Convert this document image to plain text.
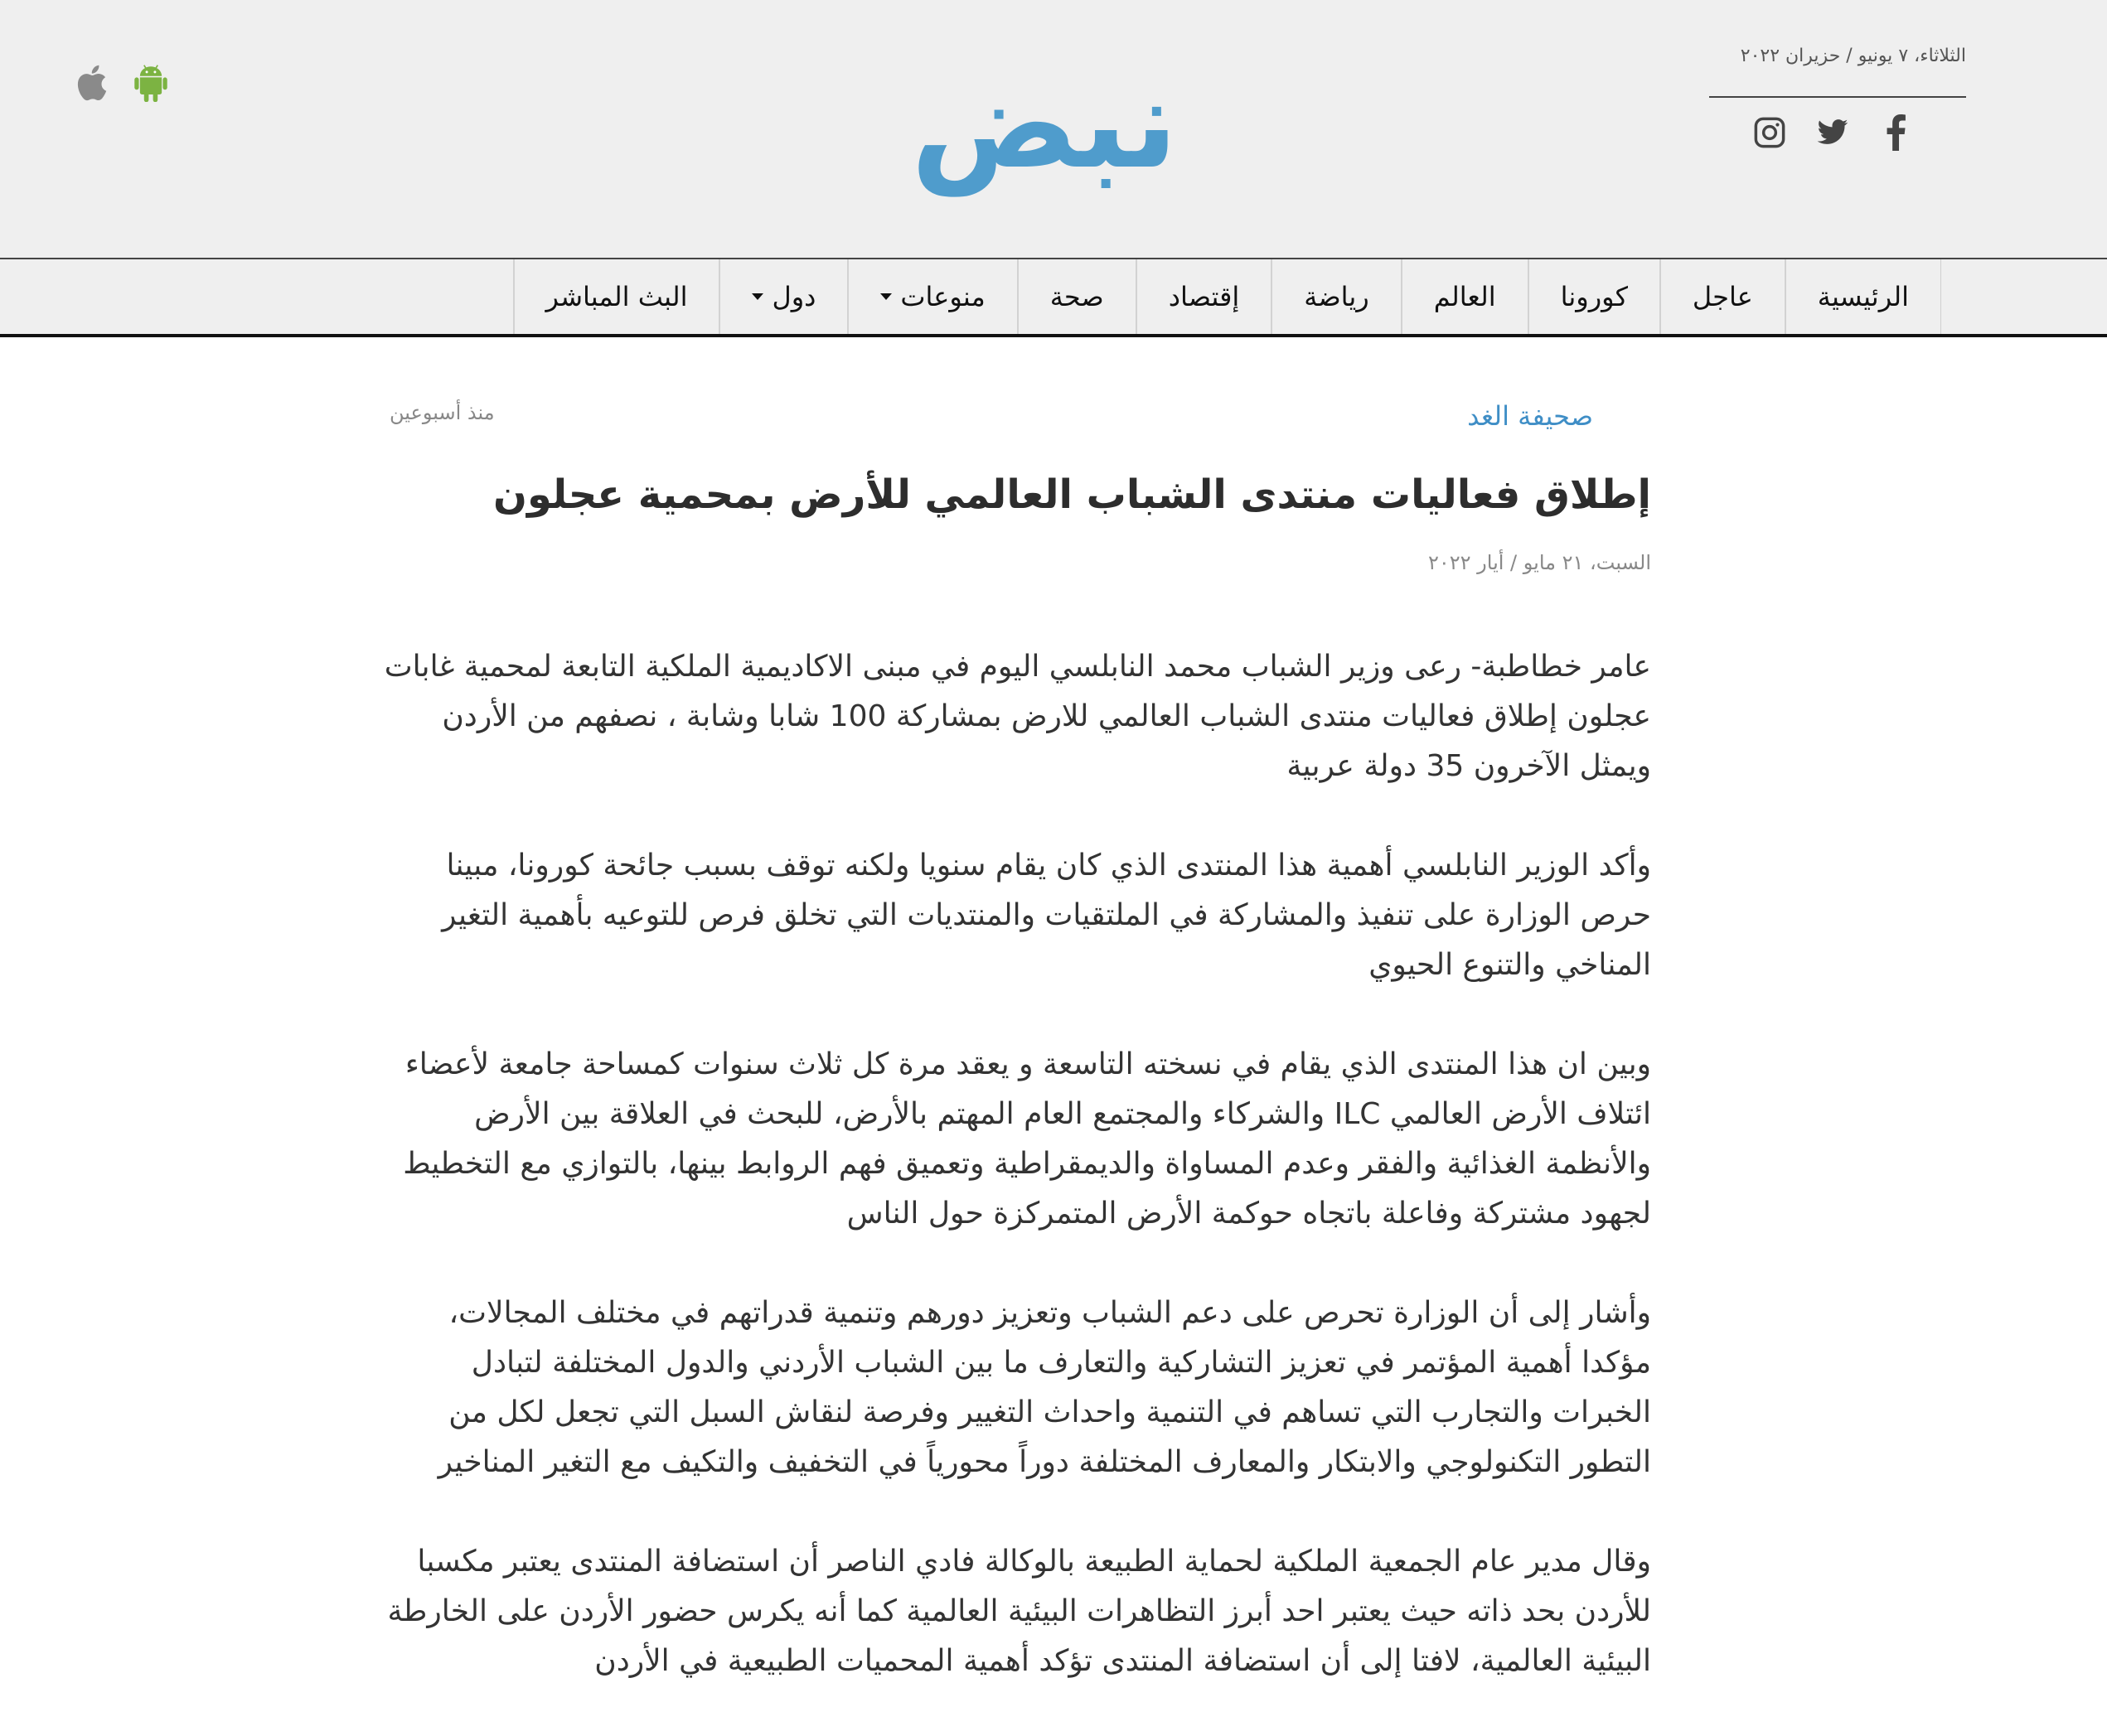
الثلاثاء، ٧ يونيو / حزيران ٢٠٢٢
نبض
الرئيسية
عاجل
كورونا
العالم
رياضة
إقتصاد
صحة
منوعات
دول
البث المباشر
صحيفة الغد
منذ أسبوعين
إطلاق فعاليات منتدى الشباب العالمي للأرض بمحمية عجلون
السبت، ٢١ مايو / أيار ٢٠٢٢

عامر خطاطبة- رعى وزير الشباب محمد النابلسي اليوم في مبنى الاكاديمية الملكية التابعة لمحمية غابات عجلون إطلاق فعاليات منتدى الشباب العالمي للارض بمشاركة 100 شابا وشابة ، نصفهم من الأردن ويمثل الآخرون 35 دولة عربية

وأكد الوزير النابلسي أهمية هذا المنتدى الذي كان يقام سنويا ولكنه توقف بسبب جائحة كورونا، مبينا حرص الوزارة على تنفيذ والمشاركة في الملتقيات والمنتديات التي تخلق فرص للتوعيه بأهمية التغير المناخي والتنوع الحيوي

وبين ان هذا المنتدى الذي يقام في نسخته التاسعة و يعقد مرة كل ثلاث سنوات كمساحة جامعة لأعضاء ائتلاف الأرض العالمي ILC والشركاء والمجتمع العام المهتم بالأرض، للبحث في العلاقة بين الأرض والأنظمة الغذائية والفقر وعدم المساواة والديمقراطية وتعميق فهم الروابط بينها، بالتوازي مع التخطيط لجهود مشتركة وفاعلة باتجاه حوكمة الأرض المتمركزة حول الناس

وأشار إلى أن الوزارة تحرص على دعم الشباب وتعزيز دورهم وتنمية قدراتهم في مختلف المجالات، مؤكدا أهمية المؤتمر في تعزيز التشاركية والتعارف ما بين الشباب الأردني والدول المختلفة لتبادل الخبرات والتجارب التي تساهم في التنمية واحداث التغيير وفرصة لنقاش السبل التي تجعل لكل من التطور التكنولوجي والابتكار والمعارف المختلفة دوراً محورياً في التخفيف والتكيف مع التغير المناخير

وقال مدير عام الجمعية الملكية لحماية الطبيعة بالوكالة فادي الناصر أن استضافة المنتدى يعتبر مكسبا للأردن بحد ذاته حيث يعتبر احد أبرز التظاهرات البيئية العالمية كما أنه يكرس حضور الأردن على الخارطة البيئية العالمية، لافتا إلى أن استضافة المنتدى تؤكد أهمية المحميات الطبيعية في الأردن
